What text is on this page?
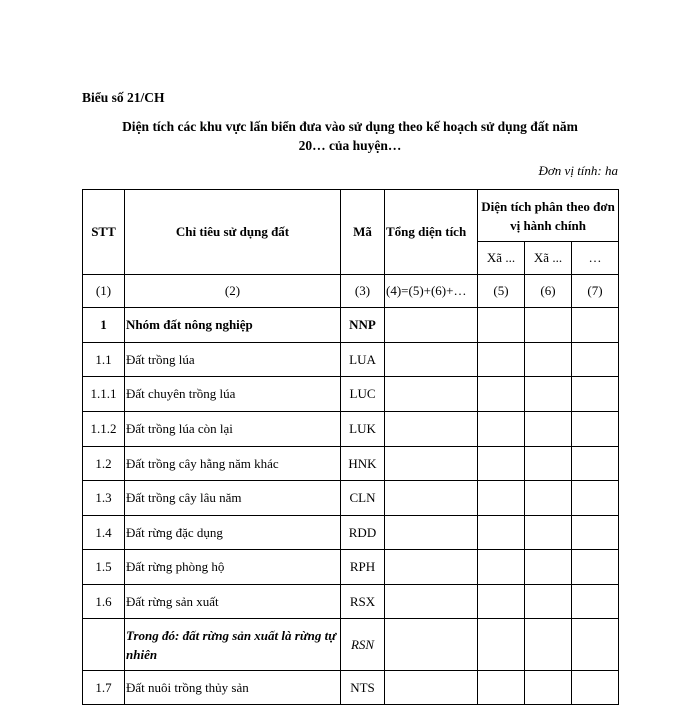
Biểu số 21/CH
Diện tích các khu vực lấn biển đưa vào sử dụng theo kế hoạch sử dụng đất năm
20… của huyện…
Đơn vị tính: ha
STT	Chỉ tiêu sử dụng đất	Mã	Tổng diện tích	Diện tích phân theo đơn vị hành chính		
				Xã ...	Xã ...	…
(1)	(2)	(3)	(4)=(5)+(6)+…	(5)	(6)	(7)
1	Nhóm đất nông nghiệp	NNP				
1.1	Đất trồng lúa	LUA				
1.1.1	Đất chuyên trồng lúa	LUC				
1.1.2	Đất trồng lúa còn lại	LUK				
1.2	Đất trồng cây hằng năm khác	HNK				
1.3	Đất trồng cây lâu năm	CLN				
1.4	Đất rừng đặc dụng	RDD				
1.5	Đất rừng phòng hộ	RPH				
1.6	Đất rừng sản xuất	RSX				
	Trong đó: đất rừng sản xuất là rừng tự nhiên	RSN				
1.7	Đất nuôi trồng thủy sản	NTS				
